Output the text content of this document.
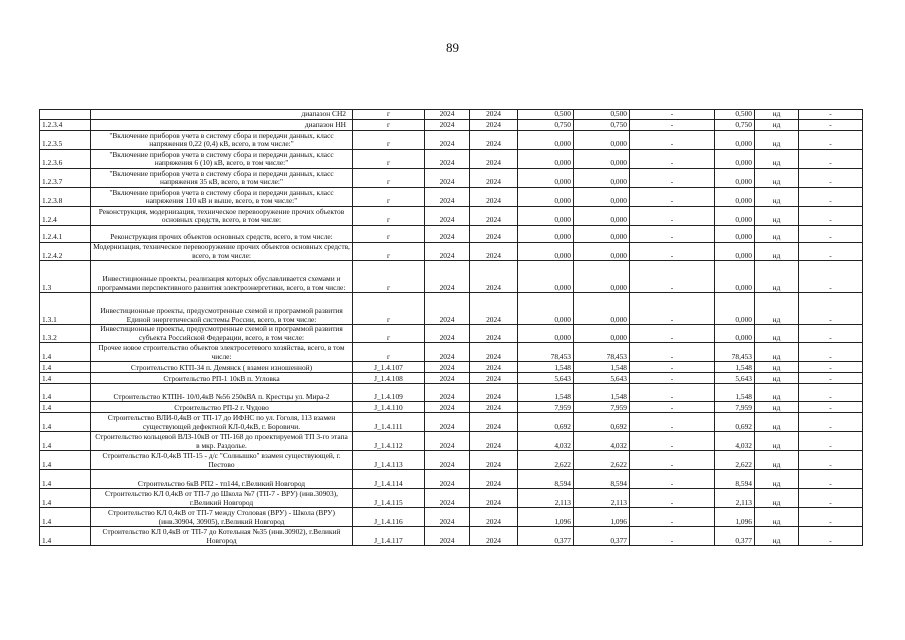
89
	диапазон СН2	г	2024	2024	0,500	0,500	-	0,500	нд	-
1.2.3.4	диапазон НН	г	2024	2024	0,750	0,750	-	0,750	нд	-
1.2.3.5	"Включение приборов учета в систему сбора и передачи данных, класс напряжения 0,22 (0,4) кВ, всего, в том числе:"	г	2024	2024	0,000	0,000	-	0,000	нд	-
1.2.3.6	"Включение приборов учета в систему сбора и передачи данных, класс напряжения 6 (10) кВ, всего, в том числе:"	г	2024	2024	0,000	0,000	-	0,000	нд	-
1.2.3.7	"Включение приборов учета в систему сбора и передачи данных, класс напряжения 35 кВ, всего, в том числе:"	г	2024	2024	0,000	0,000	-	0,000	нд	-
1.2.3.8	"Включение приборов учета в систему сбора и передачи данных, класс напряжения 110 кВ и выше, всего, в том числе:"	г	2024	2024	0,000	0,000	-	0,000	нд	-
1.2.4	Реконструкция, модернизация, техническое перевооружение прочих объектов основных средств, всего, в том числе:	г	2024	2024	0,000	0,000	-	0,000	нд	-
1.2.4.1	Реконструкция прочих объектов основных средств, всего, в том числе:	г	2024	2024	0,000	0,000	-	0,000	нд	-
1.2.4.2	Модернизация, техническое перевооружение прочих объектов основных средств, всего, в том числе:	г	2024	2024	0,000	0,000	-	0,000	нд	-
1.3	Инвестиционные проекты, реализация которых обуславливается схемами и программами перспективного развития электроэнергетики, всего, в том числе:	г	2024	2024	0,000	0,000	-	0,000	нд	-
1.3.1	Инвестиционные проекты, предусмотренные схемой и программой развития Единой энергетической системы России, всего, в том числе:	г	2024	2024	0,000	0,000	-	0,000	нд	-
1.3.2	Инвестиционные проекты, предусмотренные схемой и программой развития субъекта Российской Федерации, всего, в том числе:	г	2024	2024	0,000	0,000	-	0,000	нд	-
1.4	Прочее новое строительство объектов электросетевого хозяйства, всего, в том числе:	г	2024	2024	78,453	78,453	-	78,453	нд	-
1.4	Строительство КТП-34 п. Демянск ( взамен изношенной)	J_1.4.107	2024	2024	1,548	1,548	-	1,548	нд	-
1.4	Строительство РП-1 10кВ п. Угловка	J_1.4.108	2024	2024	5,643	5,643	-	5,643	нд	-
1.4	Строительство КТПН- 10/0,4кВ №56 250кВА п. Крестцы ул. Мира-2	J_1.4.109	2024	2024	1,548	1,548	-	1,548	нд	-
1.4	Строительство РП-2 г. Чудово	J_1.4.110	2024	2024	7,959	7,959	-	7,959	нд	-
1.4	Строительство ВЛИ-0,4кВ от ТП-17 до ИФНС по ул. Гоголя, 113 взамен существующей дефектной КЛ-0,4кВ, г. Боровичи.	J_1.4.111	2024	2024	0,692	0,692	-	0,692	нд	-
1.4	Строительство кольцевой ВЛЗ-10кВ от ТП-168 до проектируемой ТП 3-го этапа в мкр. Раздолье.	J_1.4.112	2024	2024	4,032	4,032	-	4,032	нд	-
1.4	Строительство КЛ-0,4кВ ТП-15 - д/с "Солнышко" взамен существующей, г. Пестово	J_1.4.113	2024	2024	2,622	2,622	-	2,622	нд	-
1.4	Строительство 6кВ РП2 - тп144, г.Великий Новгород	J_1.4.114	2024	2024	8,594	8,594	-	8,594	нд	-
1.4	Строительство КЛ 0,4кВ от ТП-7 до Школа №7 (ТП-7 - ВРУ) (инв.30903), г.Великий Новгород	J_1.4.115	2024	2024	2,113	2,113	-	2,113	нд	-
1.4	Строительство КЛ 0,4кВ от ТП-7 между Столовая (ВРУ) - Школа (ВРУ) (инв.30904, 30905), г.Великий Новгород	J_1.4.116	2024	2024	1,096	1,096	-	1,096	нд	-
1.4	Строительство КЛ 0,4кВ от ТП-7 до Котельная №35 (инв.30902), г.Великий Новгород	J_1.4.117	2024	2024	0,377	0,377	-	0,377	нд	-
